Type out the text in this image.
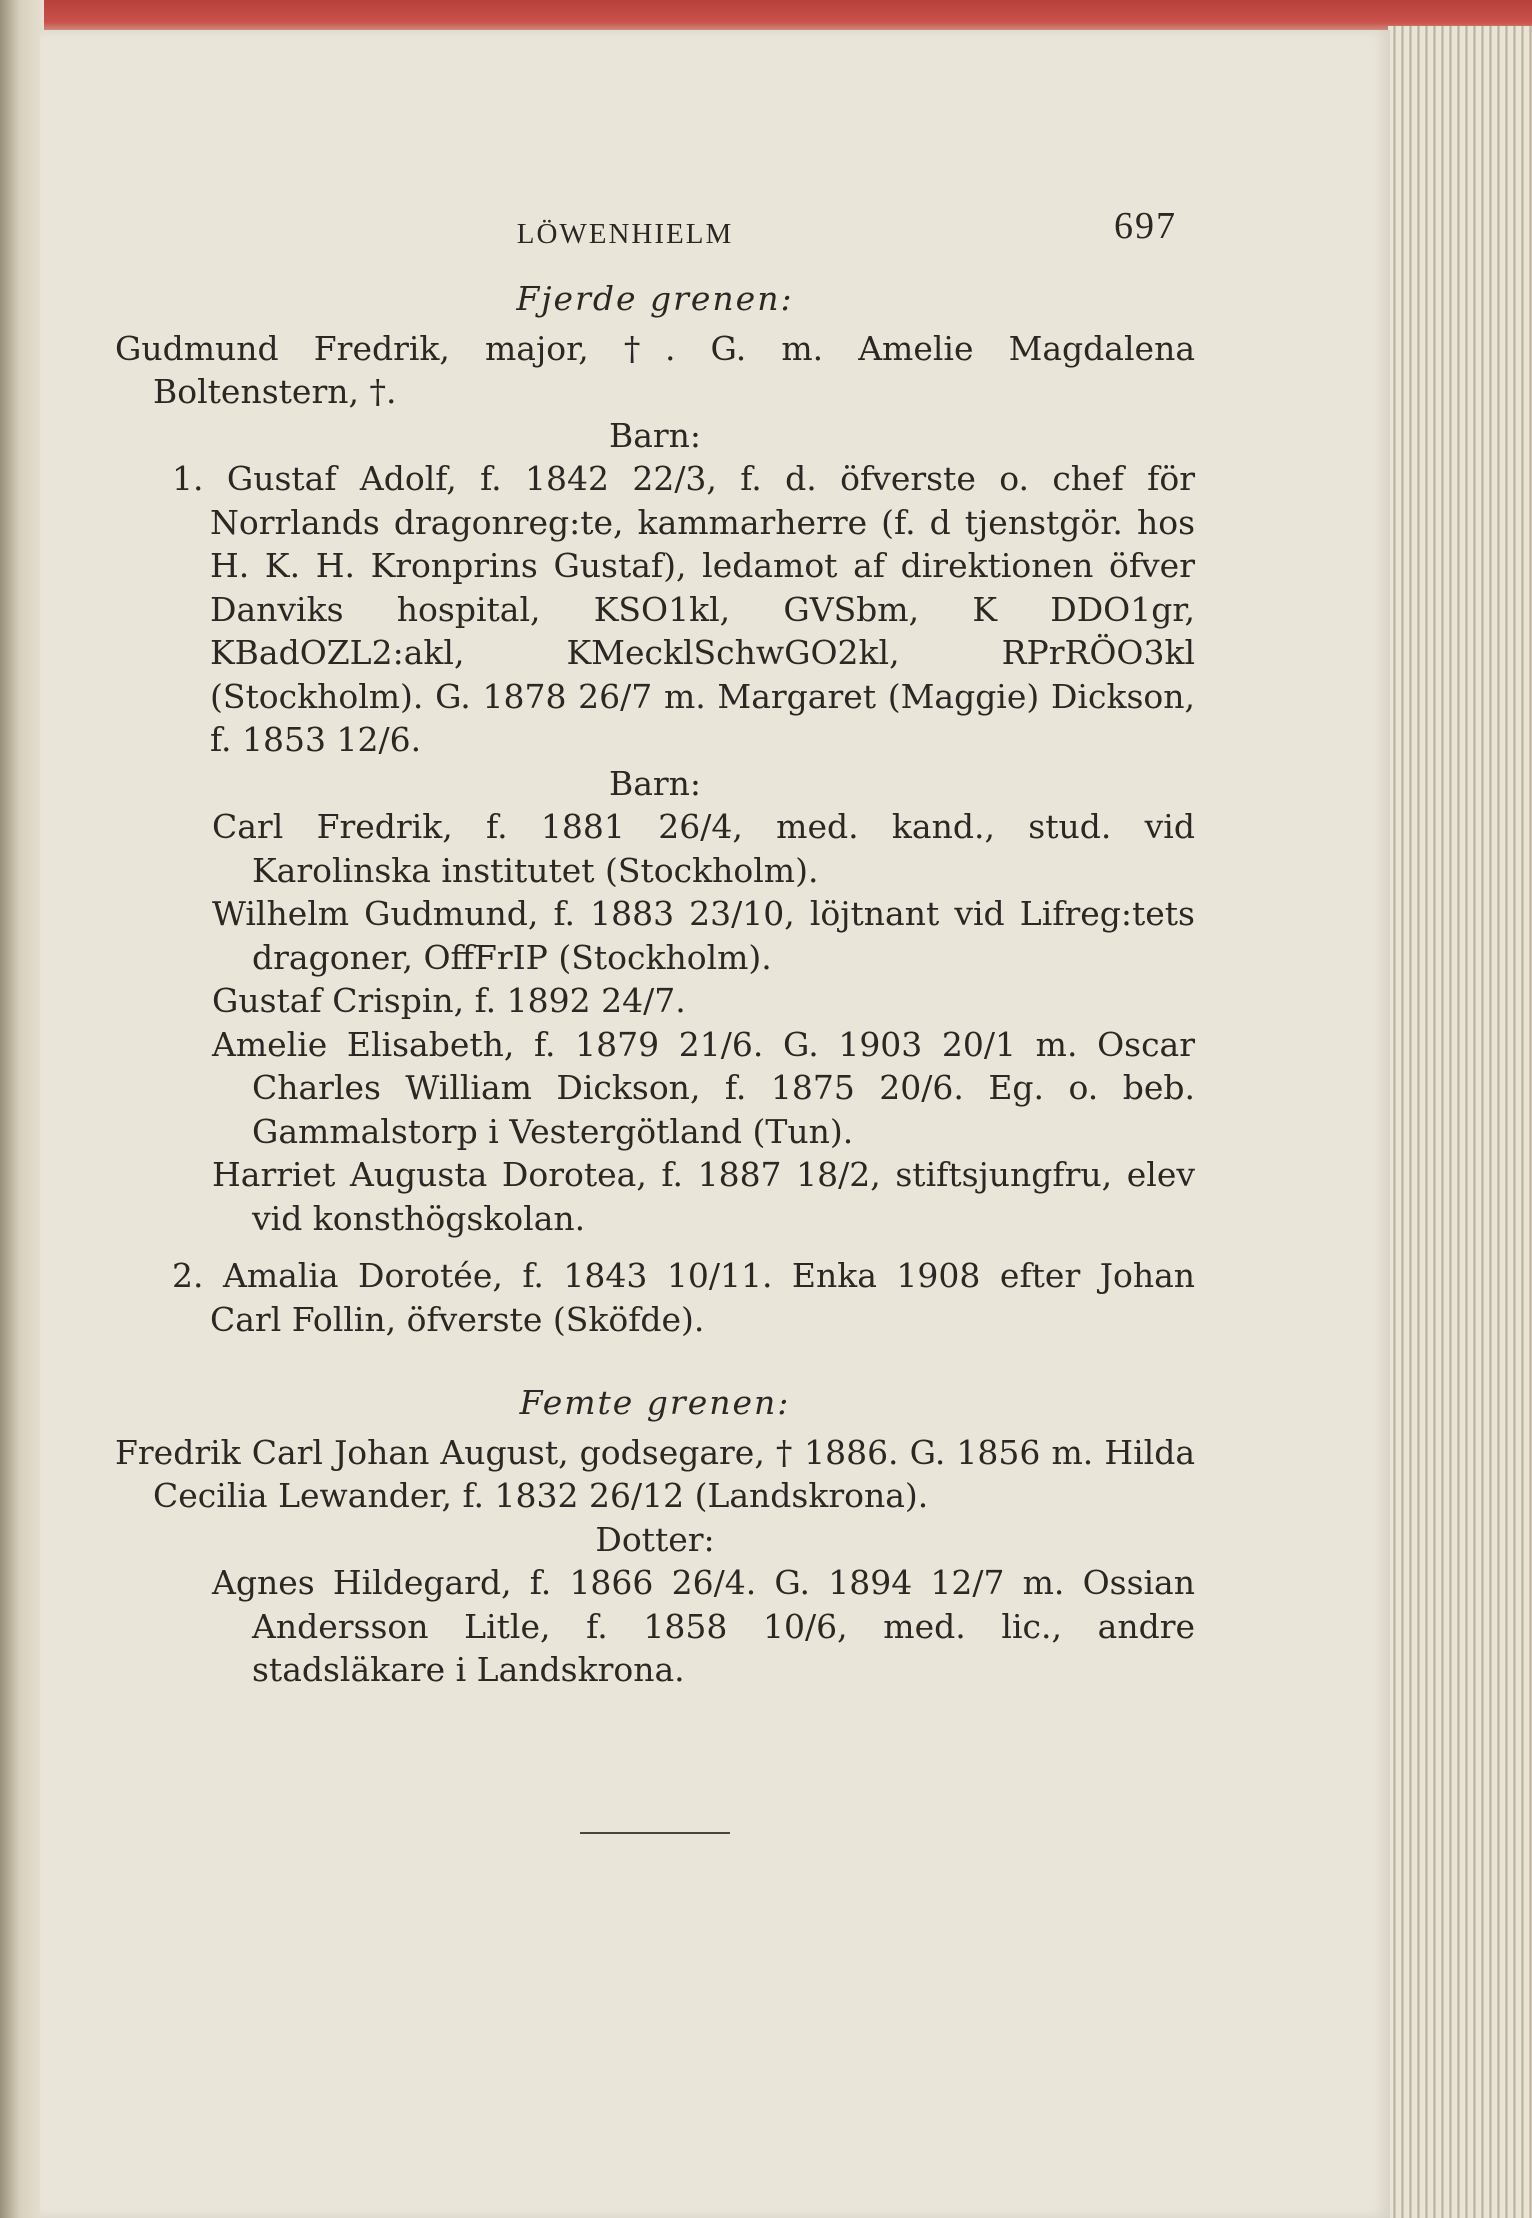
LÖWENHIELM	697
Fjerde grenen:

Gudmund Fredrik, major, †. G. m. Amelie Magdalena Boltenstern, †.

Barn:

1. Gustaf Adolf, f. 1842 22/3, f. d. öfverste o. chef för Norrlands dragonreg:te, kammarherre (f. d tjenstgör. hos H. K. H. Kronprins Gustaf), ledamot af direktionen öfver Danviks hospital, KSO1kl, GVSbm, K DDO1gr, KBadOZL2:akl, KMecklSchwGO2kl, RPrRÖO3kl (Stockholm). G. 1878 26/7 m. Margaret (Maggie) Dickson, f. 1853 12/6.

Barn:

Carl Fredrik, f. 1881 26/4, med. kand., stud. vid Karolinska institutet (Stockholm).

Wilhelm Gudmund, f. 1883 23/10, löjtnant vid Lifreg:tets dragoner, OffFrIP (Stockholm).

Gustaf Crispin, f. 1892 24/7.

Amelie Elisabeth, f. 1879 21/6. G. 1903 20/1 m. Oscar Charles William Dickson, f. 1875 20/6. Eg. o. beb. Gammalstorp i Vestergötland (Tun).

Harriet Augusta Dorotea, f. 1887 18/2, stiftsjungfru, elev vid konsthögskolan.

2. Amalia Dorotée, f. 1843 10/11. Enka 1908 efter Johan Carl Follin, öfverste (Sköfde).

Femte grenen:

Fredrik Carl Johan August, godsegare, † 1886. G. 1856 m. Hilda Cecilia Lewander, f. 1832 26/12 (Landskrona).

Dotter:

Agnes Hildegard, f. 1866 26/4. G. 1894 12/7 m. Ossian Andersson Litle, f. 1858 10/6, med. lic., andre stadsläkare i Landskrona.
